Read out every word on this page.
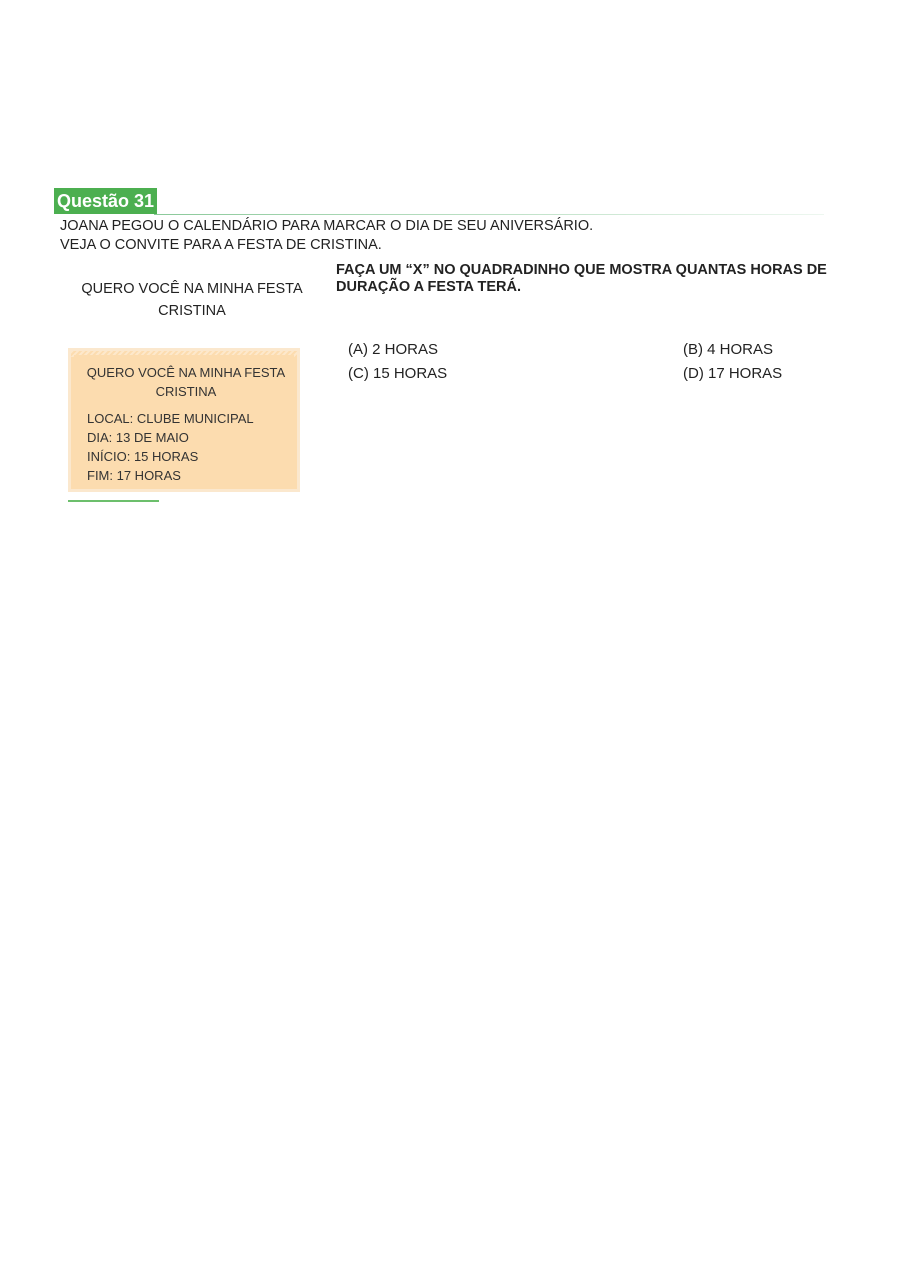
Questão 31
JOANA PEGOU O CALENDÁRIO PARA MARCAR O DIA DE SEU ANIVERSÁRIO.
VEJA O CONVITE PARA A FESTA DE CRISTINA.
QUERO VOCÊ NA MINHA FESTA
CRISTINA
FAÇA UM “X” NO QUADRADINHO QUE MOSTRA QUANTAS HORAS DE DURAÇÃO A FESTA TERÁ.
(A) 2 HORAS	(B) 4 HORAS
(C) 15 HORAS	(D) 17 HORAS
QUERO VOCÊ NA MINHA FESTA
CRISTINA
LOCAL: CLUBE MUNICIPAL
DIA: 13 DE MAIO
INÍCIO: 15 HORAS
FIM: 17 HORAS
